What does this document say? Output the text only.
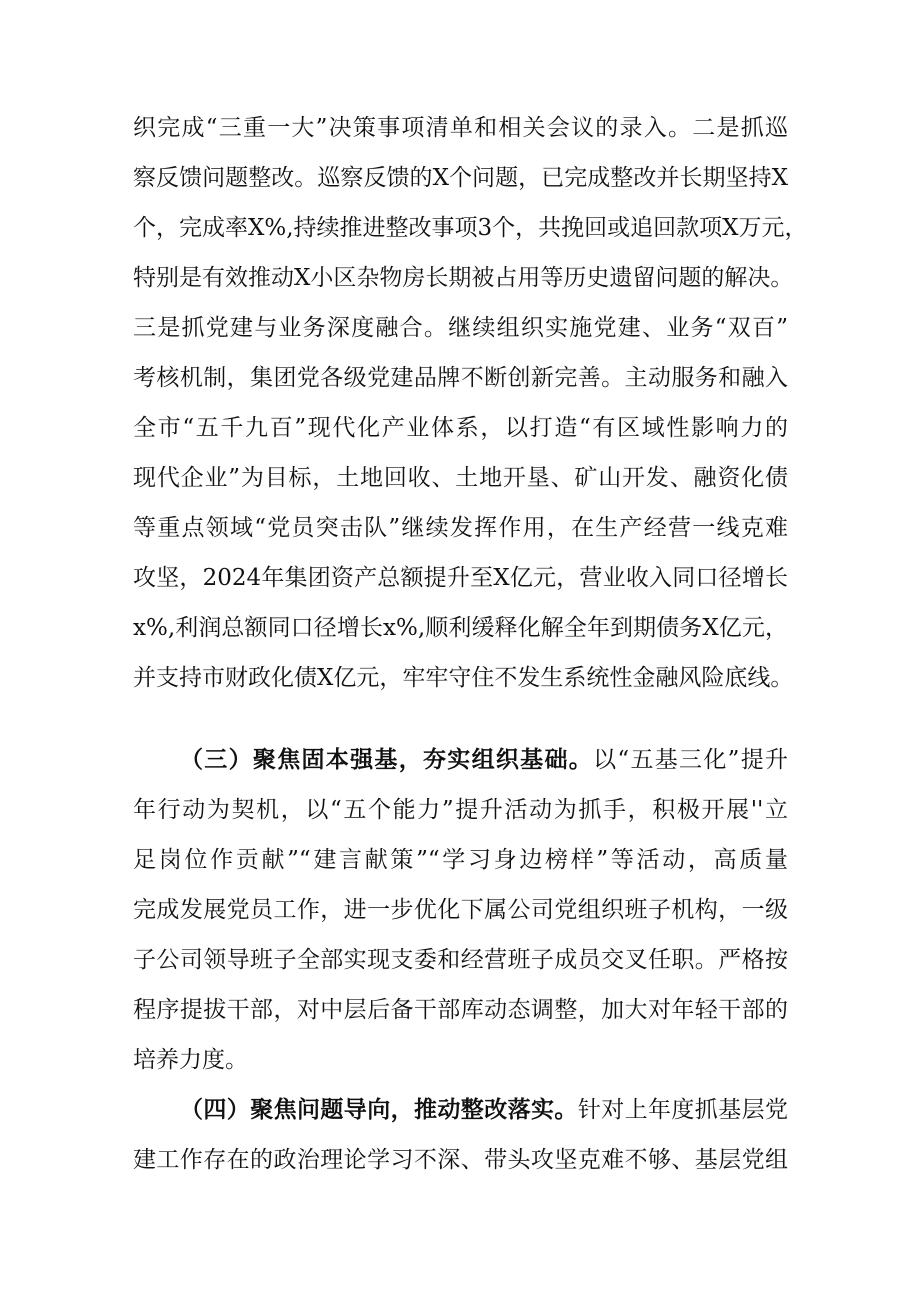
织完成“三重一大”决策事项清单和相关会议的录入。二是抓巡
察反馈问题整改。巡察反馈的X个问题，已完成整改并长期坚持X
个，完成率X%,持续推进整改事项3个，共挽回或追回款项X万元，
特别是有效推动X小区杂物房长期被占用等历史遗留问题的解决。
三是抓党建与业务深度融合。继续组织实施党建、业务“双百”
考核机制，集团党各级党建品牌不断创新完善。主动服务和融入
全市“五千九百”现代化产业体系，以打造“有区域性影响力的
现代企业”为目标，土地回收、土地开垦、矿山开发、融资化债
等重点领域“党员突击队”继续发挥作用，在生产经营一线克难
攻坚，2024年集团资产总额提升至X亿元，营业收入同口径增长
x%,利润总额同口径增长x%,顺利缓释化解全年到期债务X亿元，
并支持市财政化债X亿元，牢牢守住不发生系统性金融风险底线。
（三）聚焦固本强基，夯实组织基础。以“五基三化”提升
年行动为契机，以“五个能力”提升活动为抓手，积极开展''立
足岗位作贡献”“建言献策”“学习身边榜样”等活动，高质量
完成发展党员工作，进一步优化下属公司党组织班子机构，一级
子公司领导班子全部实现支委和经营班子成员交叉任职。严格按
程序提拔干部，对中层后备干部库动态调整，加大对年轻干部的
培养力度。
（四）聚焦问题导向，推动整改落实。针对上年度抓基层党
建工作存在的政治理论学习不深、带头攻坚克难不够、基层党组
